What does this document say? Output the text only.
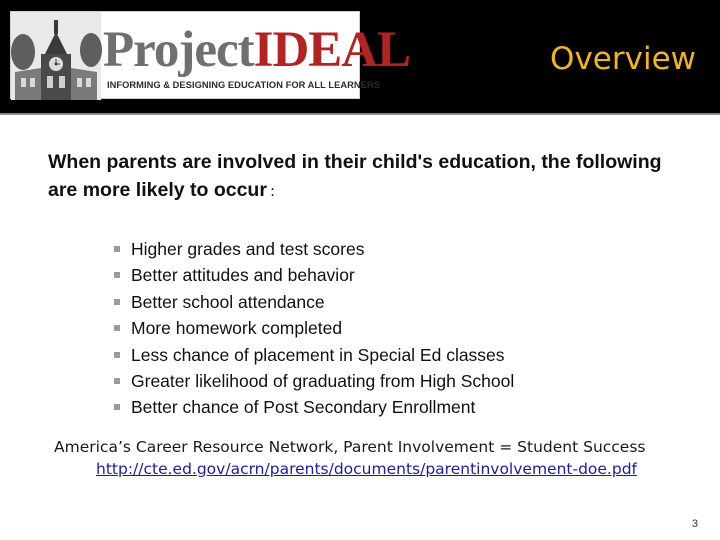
ProjectIDEAL
INFORMING & DESIGNING EDUCATION FOR ALL LEARNERS
Overview
When parents are involved in their child's education, the following are more likely to occur :
Higher grades and test scores
Better attitudes and behavior
Better school attendance
More homework completed
Less chance of placement in Special Ed classes
Greater likelihood of graduating from High School
Better chance of Post Secondary Enrollment
America’s Career Resource Network, Parent Involvement = Student Success
http://cte.ed.gov/acrn/parents/documents/parentinvolvement-doe.pdf
3
